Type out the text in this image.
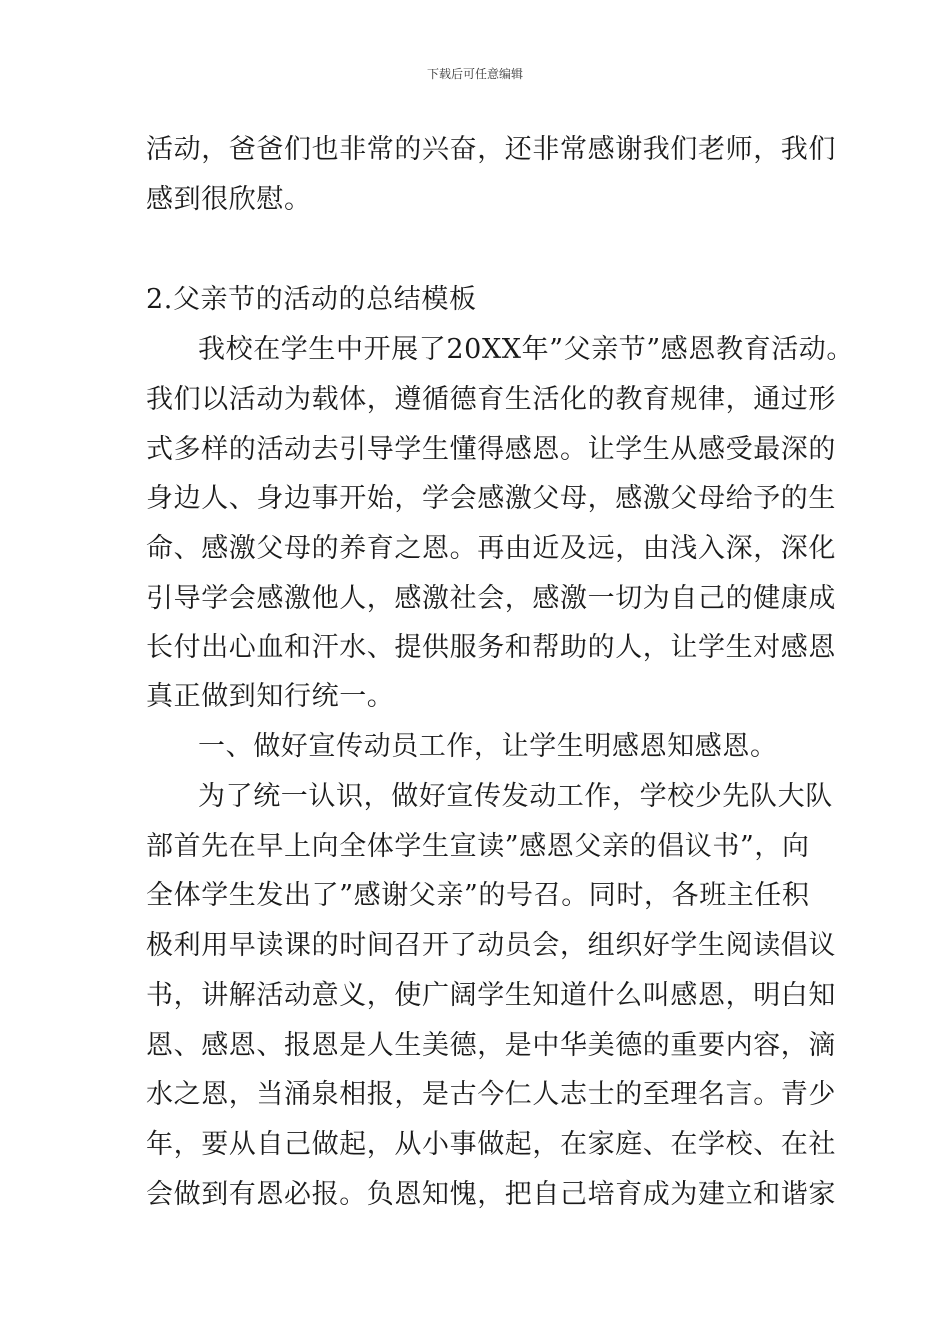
下载后可任意编辑
活动，爸爸们也非常的兴奋，还非常感谢我们老师，我们
感到很欣慰。
2.父亲节的活动的总结模板
我校在学生中开展了20XX年”父亲节”感恩教育活动。
我们以活动为载体，遵循德育生活化的教育规律，通过形
式多样的活动去引导学生懂得感恩。让学生从感受最深的
身边人、身边事开始，学会感激父母，感激父母给予的生
命、感激父母的养育之恩。再由近及远，由浅入深，深化
引导学会感激他人，感激社会，感激一切为自己的健康成
长付出心血和汗水、提供服务和帮助的人，让学生对感恩
真正做到知行统一。
一、做好宣传动员工作，让学生明感恩知感恩。
为了统一认识，做好宣传发动工作，学校少先队大队
部首先在早上向全体学生宣读”感恩父亲的倡议书”，向
全体学生发出了”感谢父亲”的号召。同时，各班主任积
极利用早读课的时间召开了动员会，组织好学生阅读倡议
书，讲解活动意义，使广阔学生知道什么叫感恩，明白知
恩、感恩、报恩是人生美德，是中华美德的重要内容，滴
水之恩，当涌泉相报，是古今仁人志士的至理名言。青少
年，要从自己做起，从小事做起，在家庭、在学校、在社
会做到有恩必报。负恩知愧，把自己培育成为建立和谐家
